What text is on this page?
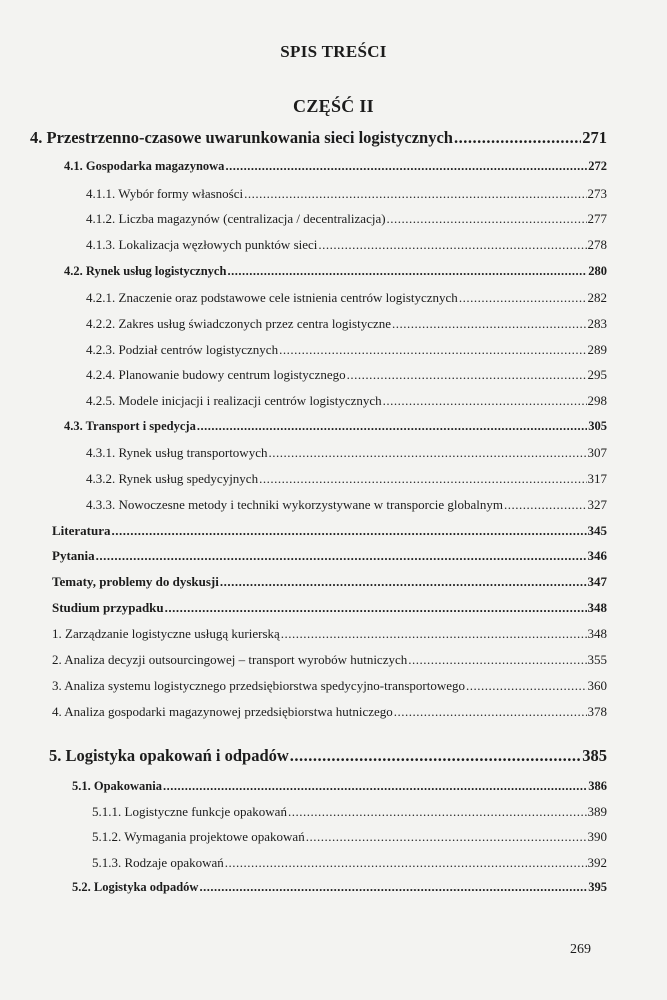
SPIS TREŚCI
CZĘŚĆ II
4. Przestrzenno-czasowe uwarunkowania sieci logistycznych .....	271
4.1. Gospodarka magazynowa .....	272
4.1.1. Wybór formy własności .....	273
4.1.2. Liczba magazynów (centralizacja / decentralizacja) .....	277
4.1.3. Lokalizacja węzłowych punktów sieci .....	278
4.2. Rynek usług logistycznych .....	280
4.2.1. Znaczenie oraz podstawowe cele istnienia centrów logistycznych .....	282
4.2.2. Zakres usług świadczonych przez centra logistyczne .....	283
4.2.3. Podział centrów logistycznych .....	289
4.2.4. Planowanie budowy centrum logistycznego .....	295
4.2.5. Modele inicjacji i realizacji centrów logistycznych .....	298
4.3. Transport i spedycja .....	305
4.3.1. Rynek usług transportowych .....	307
4.3.2. Rynek usług spedycyjnych .....	317
4.3.3. Nowoczesne metody i techniki wykorzystywane w transporcie globalnym .....	327
Literatura .....	345
Pytania .....	346
Tematy, problemy do dyskusji .....	347
Studium przypadku .....	348
1. Zarządzanie logistyczne usługą kurierską .....	348
2. Analiza decyzji outsourcingowej – transport wyrobów hutniczych .....	355
3. Analiza systemu logistycznego przedsiębiorstwa spedycyjno-transportowego .....	360
4. Analiza gospodarki magazynowej przedsiębiorstwa hutniczego .....	378
5. Logistyka opakowań i odpadów .....	385
5.1. Opakowania .....	386
5.1.1. Logistyczne funkcje opakowań .....	389
5.1.2. Wymagania projektowe opakowań .....	390
5.1.3. Rodzaje opakowań .....	392
5.2. Logistyka odpadów .....	395
269
